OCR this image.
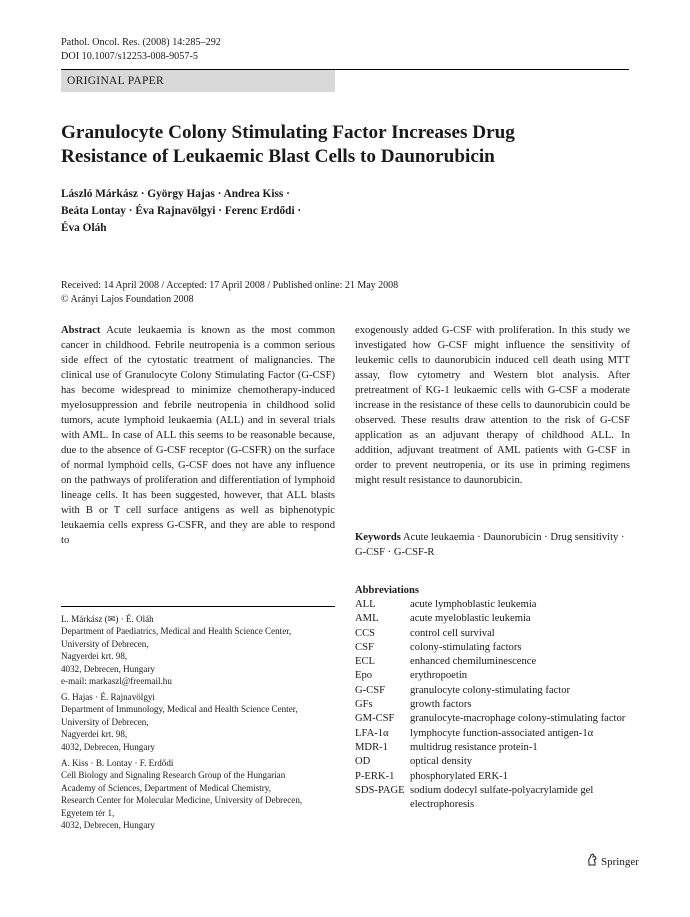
Pathol. Oncol. Res. (2008) 14:285–292
DOI 10.1007/s12253-008-9057-5
ORIGINAL PAPER
Granulocyte Colony Stimulating Factor Increases Drug
Resistance of Leukaemic Blast Cells to Daunorubicin
László Márkász · György Hajas · Andrea Kiss ·
Beáta Lontay · Éva Rajnavölgyi · Ferenc Erdődi ·
Éva Oláh
Received: 14 April 2008 / Accepted: 17 April 2008 / Published online: 21 May 2008
© Arányi Lajos Foundation 2008
Abstract Acute leukaemia is known as the most common cancer in childhood. Febrile neutropenia is a common serious side effect of the cytostatic treatment of malignancies. The clinical use of Granulocyte Colony Stimulating Factor (G-CSF) has become widespread to minimize chemotherapy-induced myelosuppression and febrile neutropenia in childhood solid tumors, acute lymphoid leukaemia (ALL) and in several trials with AML. In case of ALL this seems to be reasonable because, due to the absence of G-CSF receptor (G-CSFR) on the surface of normal lymphoid cells, G-CSF does not have any influence on the pathways of proliferation and differentiation of lymphoid lineage cells. It has been suggested, however, that ALL blasts with B or T cell surface antigens as well as biphenotypic leukaemia cells express G-CSFR, and they are able to respond to
exogenously added G-CSF with proliferation. In this study we investigated how G-CSF might influence the sensitivity of leukemic cells to daunorubicin induced cell death using MTT assay, flow cytometry and Western blot analysis. After pretreatment of KG-1 leukaemic cells with G-CSF a moderate increase in the resistance of these cells to daunorubicin could be observed. These results draw attention to the risk of G-CSF application as an adjuvant therapy of childhood ALL. In addition, adjuvant treatment of AML patients with G-CSF in order to prevent neutropenia, or its use in priming regimens might result resistance to daunorubicin.
Keywords Acute leukaemia · Daunorubicin · Drug sensitivity · G-CSF · G-CSF-R
Abbreviations
ALL	acute lymphoblastic leukemia
AML	acute myeloblastic leukemia
CCS	control cell survival
CSF	colony-stimulating factors
ECL	enhanced chemiluminescence
Epo	erythropoetin
G-CSF	granulocyte colony-stimulating factor
GFs	growth factors
GM-CSF	granulocyte-macrophage colony-stimulating factor
LFA-1α	lymphocyte function-associated antigen-1α
MDR-1	multidrug resistance protein-1
OD	optical density
P-ERK-1	phosphorylated ERK-1
SDS-PAGE sodium dodecyl sulfate-polyacrylamide gel electrophoresis
L. Márkász (✉) · É. Oláh
Department of Paediatrics, Medical and Health Science Center,
University of Debrecen,
Nagyerdei krt. 98,
4032, Debrecen, Hungary
e-mail: markaszl@freemail.hu
G. Hajas · É. Rajnavölgyi
Department of Immunology, Medical and Health Science Center,
University of Debrecen,
Nagyerdei krt. 98,
4032, Debrecen, Hungary
A. Kiss · B. Lontay · F. Erdődi
Cell Biology and Signaling Research Group of the Hungarian
Academy of Sciences, Department of Medical Chemistry,
Research Center for Molecular Medicine, University of Debrecen,
Egyetem tér 1,
4032, Debrecen, Hungary
Springer
